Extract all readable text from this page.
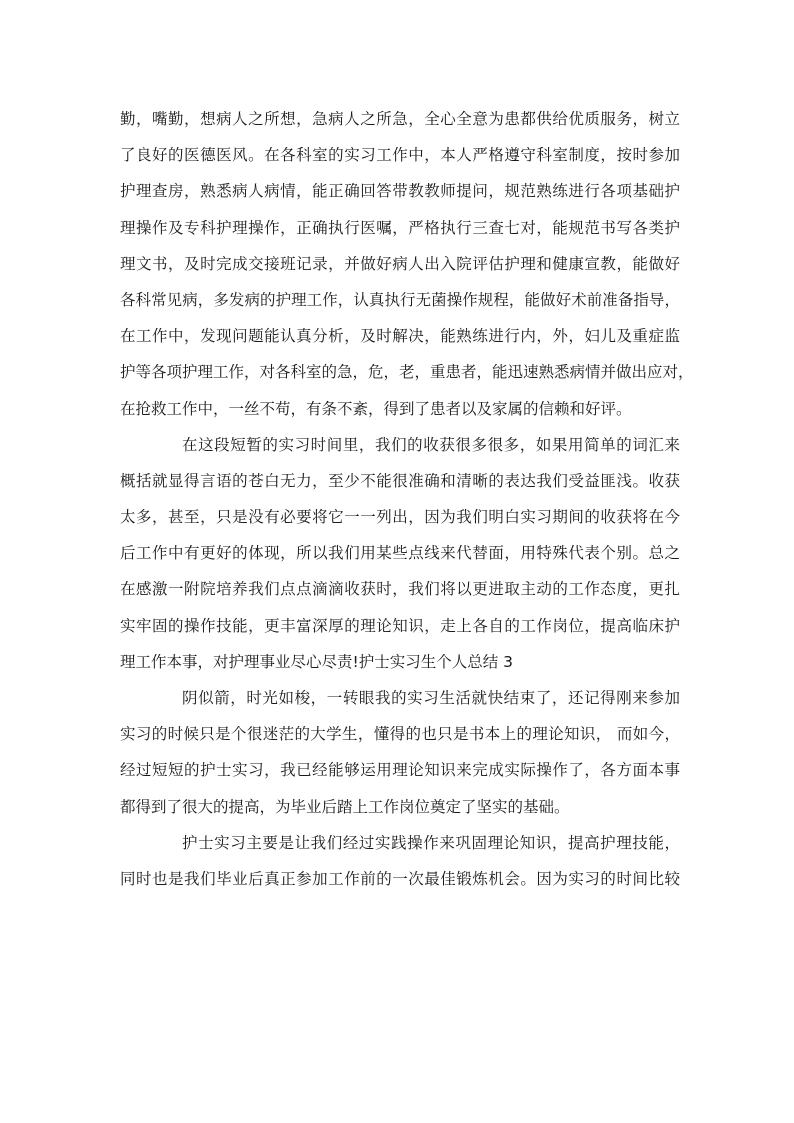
勤，嘴勤，想病人之所想，急病人之所急，全心全意为患都供给优质服务，树立
了良好的医德医风。在各科室的实习工作中，本人严格遵守科室制度，按时参加
护理查房，熟悉病人病情，能正确回答带教教师提问，规范熟练进行各项基础护
理操作及专科护理操作，正确执行医嘱，严格执行三查七对，能规范书写各类护
理文书，及时完成交接班记录，并做好病人出入院评估护理和健康宣教，能做好
各科常见病，多发病的护理工作，认真执行无菌操作规程，能做好术前准备指导，
在工作中，发现问题能认真分析，及时解决，能熟练进行内，外，妇儿及重症监
护等各项护理工作，对各科室的急，危，老，重患者，能迅速熟悉病情并做出应对，
在抢救工作中，一丝不苟，有条不紊，得到了患者以及家属的信赖和好评。
在这段短暂的实习时间里，我们的收获很多很多，如果用简单的词汇来
概括就显得言语的苍白无力，至少不能很准确和清晰的表达我们受益匪浅。收获
太多，甚至，只是没有必要将它一一列出，因为我们明白实习期间的收获将在今
后工作中有更好的体现，所以我们用某些点线来代替面，用特殊代表个别。总之
在感激一附院培养我们点点滴滴收获时，我们将以更进取主动的工作态度，更扎
实牢固的操作技能，更丰富深厚的理论知识，走上各自的工作岗位，提高临床护
理工作本事，对护理事业尽心尽责!护士实习生个人总结 3
阴似箭，时光如梭，一转眼我的实习生活就快结束了，还记得刚来参加
实习的时候只是个很迷茫的大学生，懂得的也只是书本上的理论知识， 而如今，
经过短短的护士实习，我已经能够运用理论知识来完成实际操作了，各方面本事
都得到了很大的提高，为毕业后踏上工作岗位奠定了坚实的基础。
护士实习主要是让我们经过实践操作来巩固理论知识，提高护理技能，
同时也是我们毕业后真正参加工作前的一次最佳锻炼机会。因为实习的时间比较
